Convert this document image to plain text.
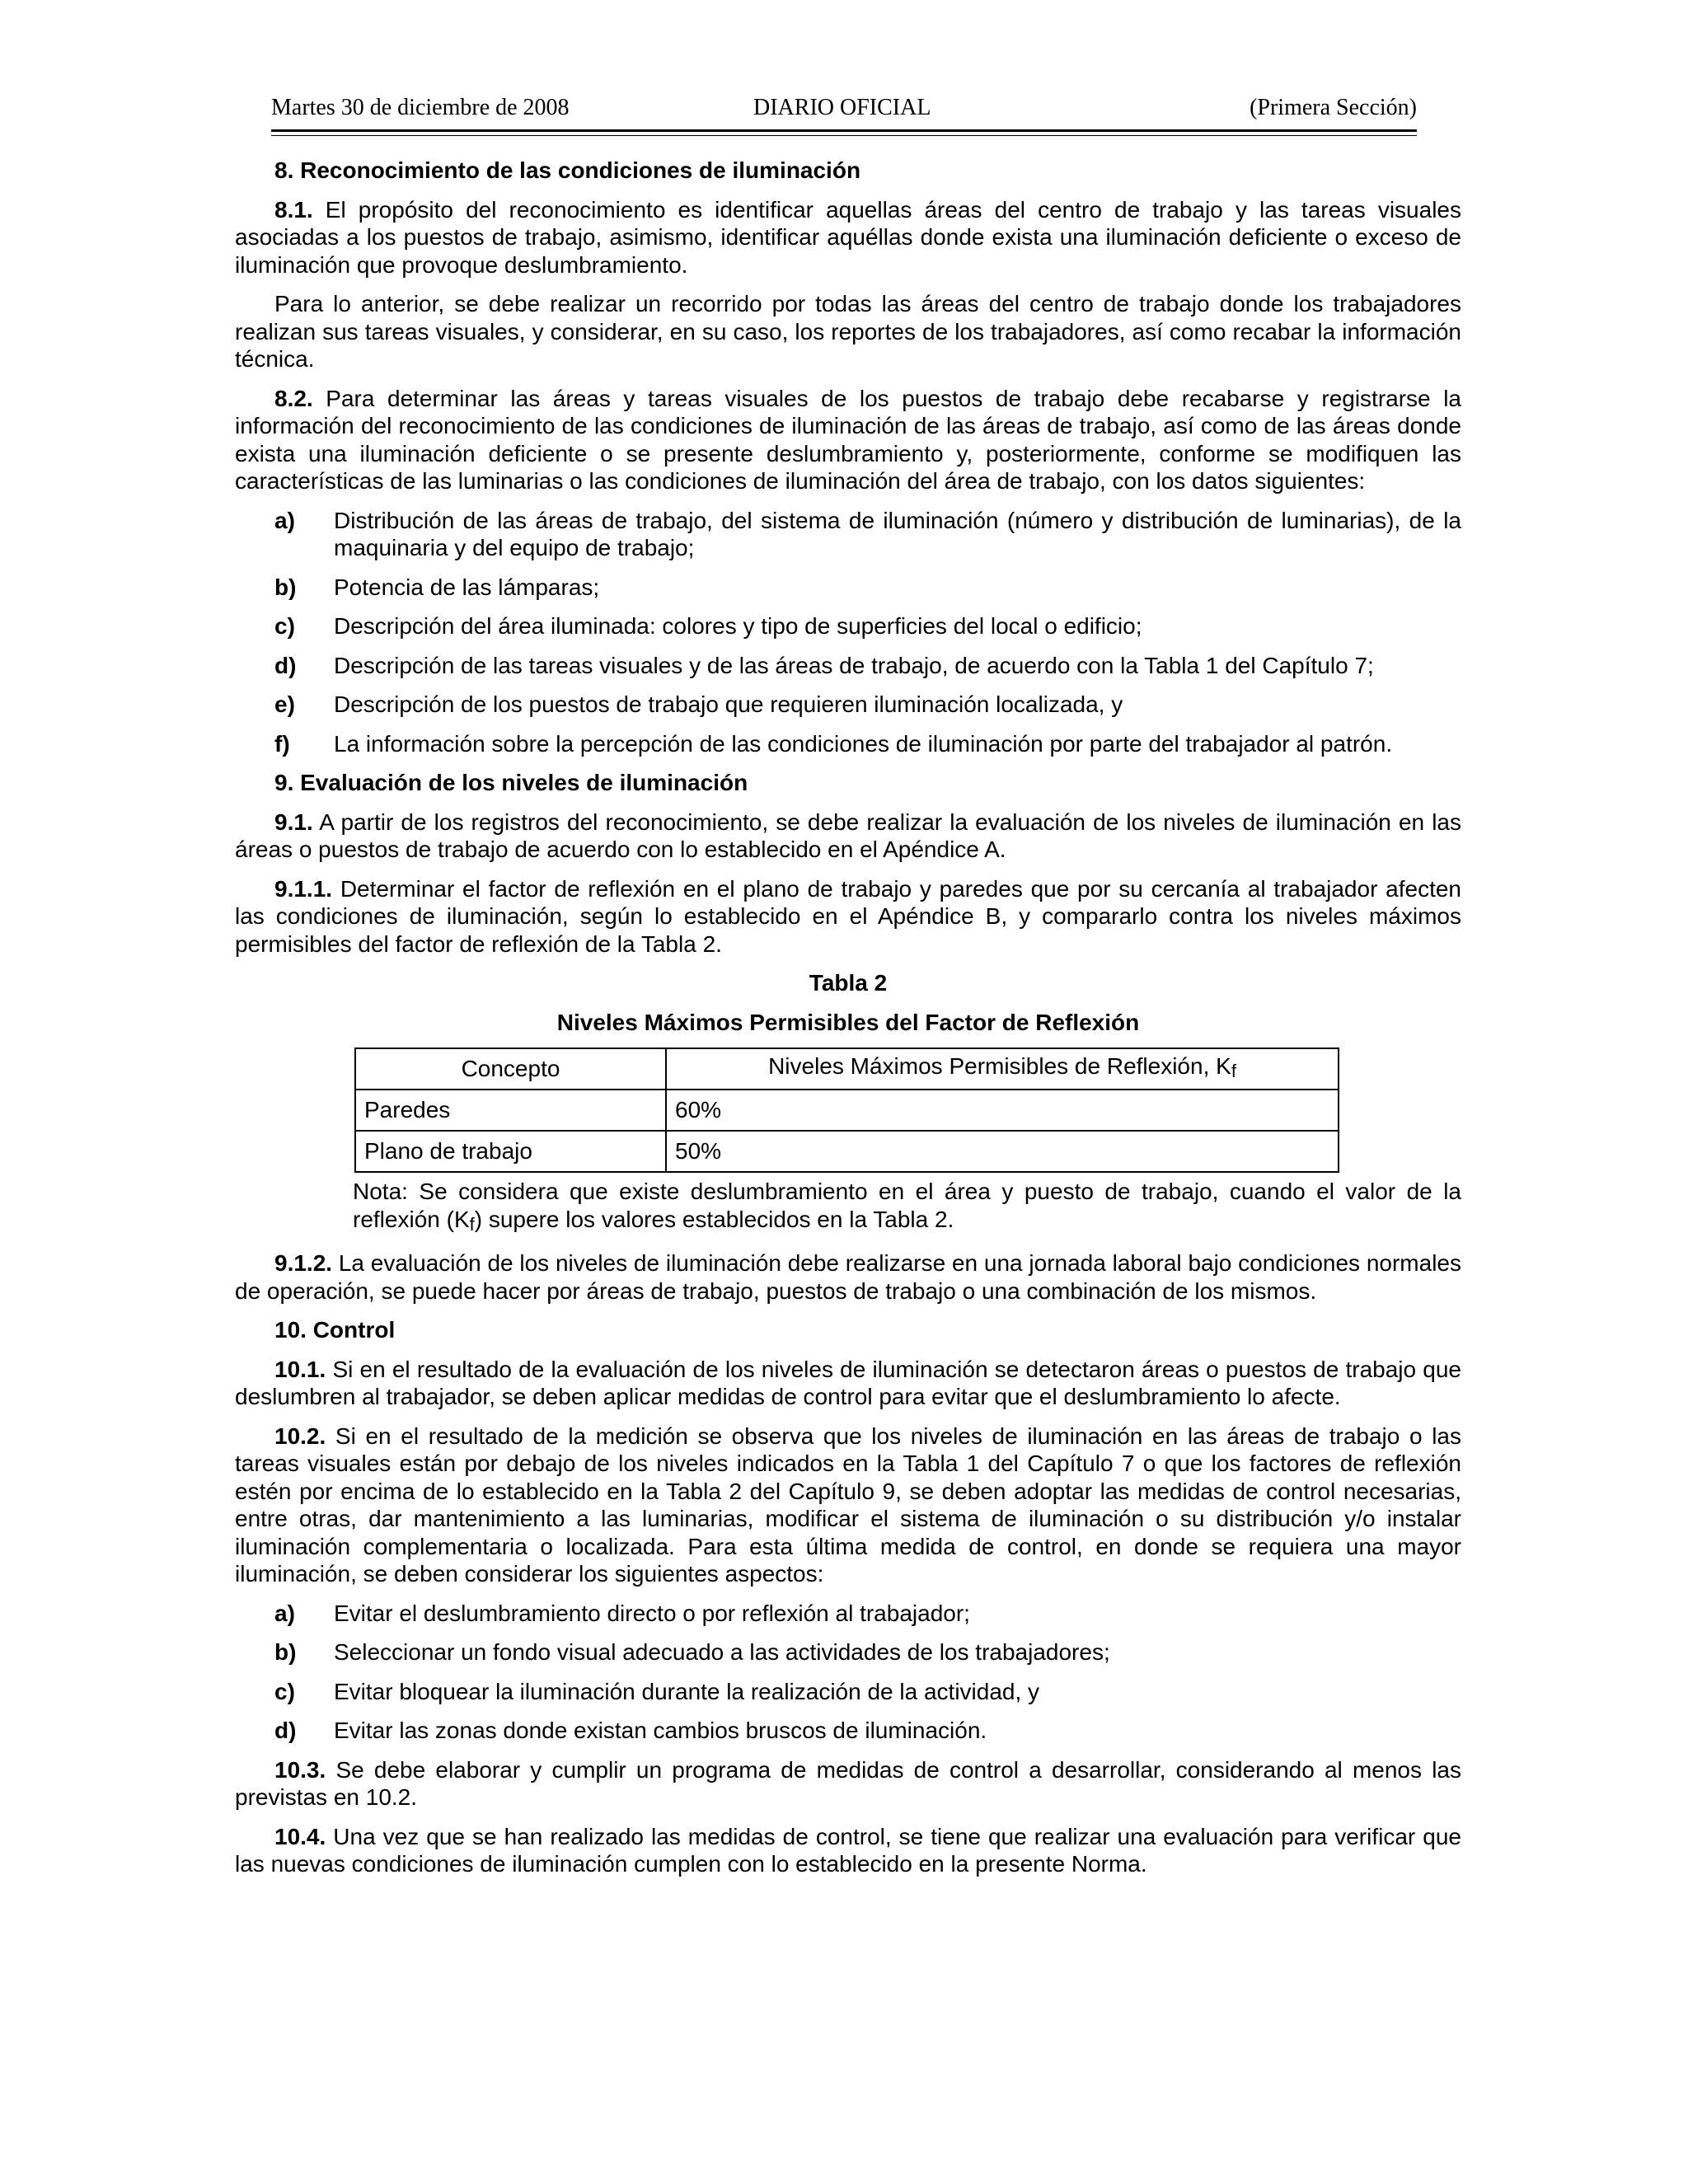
Martes 30 de diciembre de 2008	DIARIO OFICIAL	(Primera Sección)
8. Reconocimiento de las condiciones de iluminación

8.1. El propósito del reconocimiento es identificar aquellas áreas del centro de trabajo y las tareas visuales asociadas a los puestos de trabajo, asimismo, identificar aquéllas donde exista una iluminación deficiente o exceso de iluminación que provoque deslumbramiento.

Para lo anterior, se debe realizar un recorrido por todas las áreas del centro de trabajo donde los trabajadores realizan sus tareas visuales, y considerar, en su caso, los reportes de los trabajadores, así como recabar la información técnica.

8.2. Para determinar las áreas y tareas visuales de los puestos de trabajo debe recabarse y registrarse la información del reconocimiento de las condiciones de iluminación de las áreas de trabajo, así como de las áreas donde exista una iluminación deficiente o se presente deslumbramiento y, posteriormente, conforme se modifiquen las características de las luminarias o las condiciones de iluminación del área de trabajo, con los datos siguientes:

a)	Distribución de las áreas de trabajo, del sistema de iluminación (número y distribución de luminarias), de la maquinaria y del equipo de trabajo;
b)	Potencia de las lámparas;
c)	Descripción del área iluminada: colores y tipo de superficies del local o edificio;
d)	Descripción de las tareas visuales y de las áreas de trabajo, de acuerdo con la Tabla 1 del Capítulo 7;
e)	Descripción de los puestos de trabajo que requieren iluminación localizada, y
f)	La información sobre la percepción de las condiciones de iluminación por parte del trabajador al patrón.
9. Evaluación de los niveles de iluminación

9.1. A partir de los registros del reconocimiento, se debe realizar la evaluación de los niveles de iluminación en las áreas o puestos de trabajo de acuerdo con lo establecido en el Apéndice A.

9.1.1. Determinar el factor de reflexión en el plano de trabajo y paredes que por su cercanía al trabajador afecten las condiciones de iluminación, según lo establecido en el Apéndice B, y compararlo contra los niveles máximos permisibles del factor de reflexión de la Tabla 2.

Tabla 2
Niveles Máximos Permisibles del Factor de Reflexión
Concepto	Niveles Máximos Permisibles de Reflexión, $K_f$
Paredes	60%
Plano de trabajo	50%
Nota: Se considera que existe deslumbramiento en el área y puesto de trabajo, cuando el valor de la reflexión $(K_f)$ supere los valores establecidos en la Tabla 2.

9.1.2. La evaluación de los niveles de iluminación debe realizarse en una jornada laboral bajo condiciones normales de operación, se puede hacer por áreas de trabajo, puestos de trabajo o una combinación de los mismos.

10. Control

10.1. Si en el resultado de la evaluación de los niveles de iluminación se detectaron áreas o puestos de trabajo que deslumbren al trabajador, se deben aplicar medidas de control para evitar que el deslumbramiento lo afecte.

10.2. Si en el resultado de la medición se observa que los niveles de iluminación en las áreas de trabajo o las tareas visuales están por debajo de los niveles indicados en la Tabla 1 del Capítulo 7 o que los factores de reflexión estén por encima de lo establecido en la Tabla 2 del Capítulo 9, se deben adoptar las medidas de control necesarias, entre otras, dar mantenimiento a las luminarias, modificar el sistema de iluminación o su distribución y/o instalar iluminación complementaria o localizada. Para esta última medida de control, en donde se requiera una mayor iluminación, se deben considerar los siguientes aspectos:

a)	Evitar el deslumbramiento directo o por reflexión al trabajador;
b)	Seleccionar un fondo visual adecuado a las actividades de los trabajadores;
c)	Evitar bloquear la iluminación durante la realización de la actividad, y
d)	Evitar las zonas donde existan cambios bruscos de iluminación.

10.3. Se debe elaborar y cumplir un programa de medidas de control a desarrollar, considerando al menos las previstas en 10.2.

10.4. Una vez que se han realizado las medidas de control, se tiene que realizar una evaluación para verificar que las nuevas condiciones de iluminación cumplen con lo establecido en la presente Norma.
